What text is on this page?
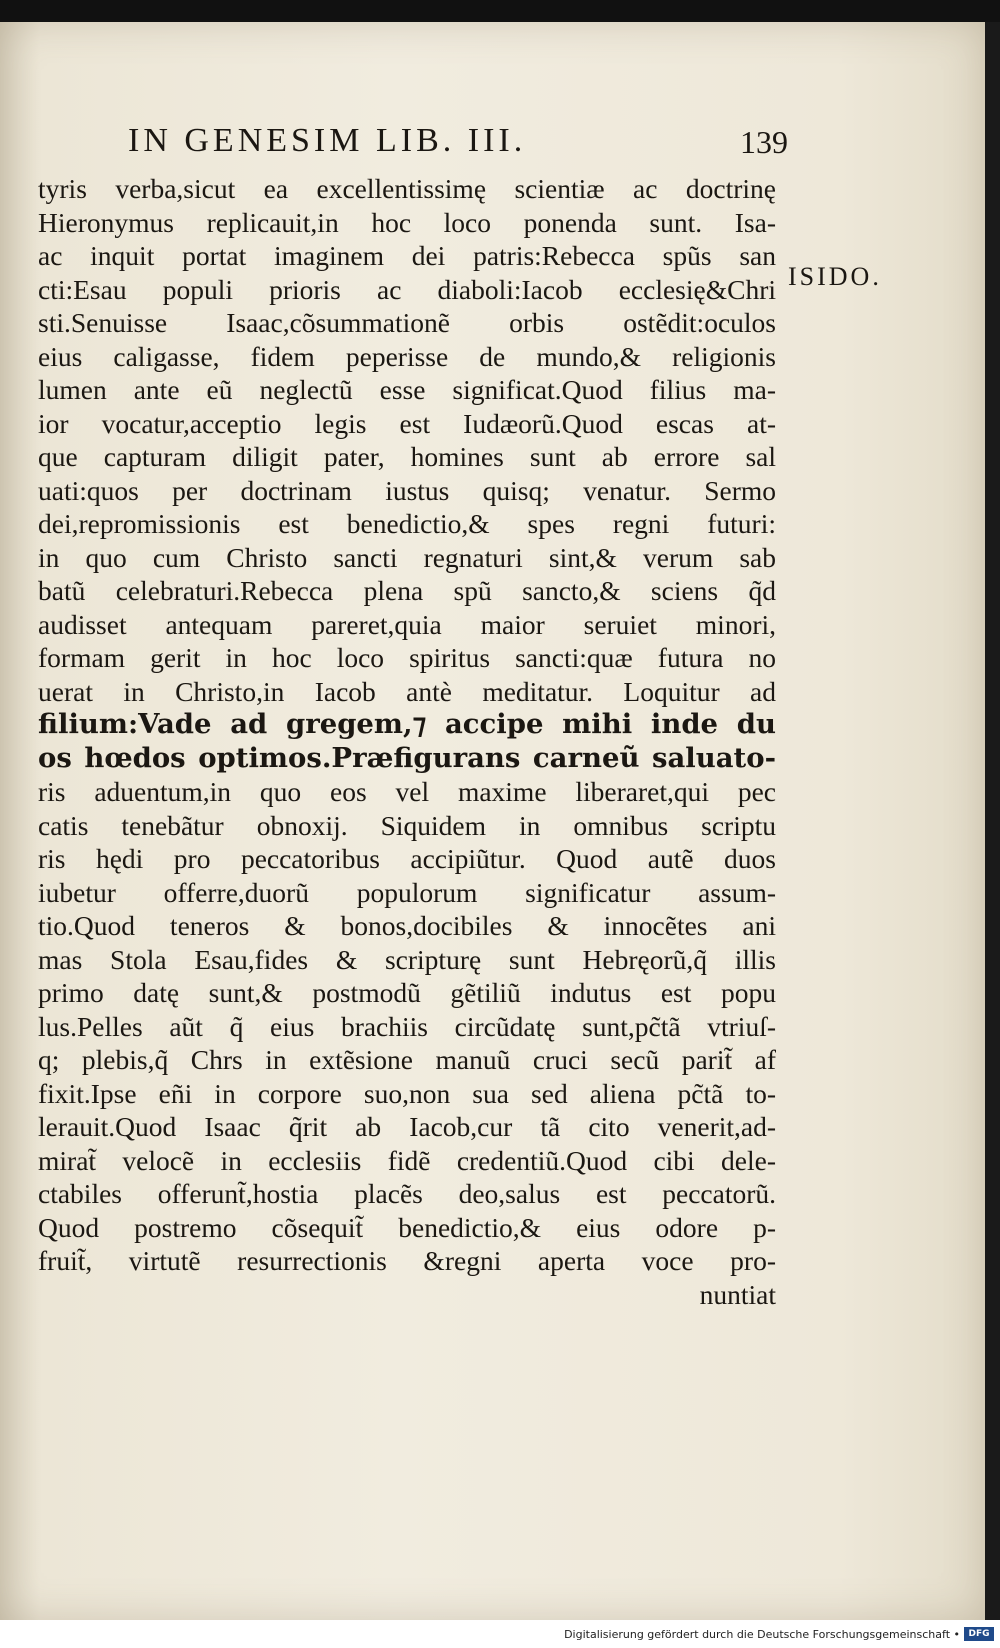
IN GENESIM LIB. III.	139
ISIDO.
tyris verba,sicut ea excellentissimę scientiæ ac doctrinę
Hieronymus replicauit,in hoc loco ponenda sunt. Isa-
ac inquit portat imaginem dei patris:Rebecca spũs san
cti:Esau populi prioris ac diaboli:Iacob ecclesię&Chri
sti.Senuisse Isaac,cõsummationẽ orbis ostẽdit:oculos
eius caligasse, fidem peperisse de mundo,& religionis
lumen ante eũ neglectũ esse significat.Quod filius ma-
ior vocatur,acceptio legis est Iudæorũ.Quod escas at-
que capturam diligit pater, homines sunt ab errore sal
uati:quos per doctrinam iustus quisq; venatur. Sermo
dei,repromissionis est benedictio,& spes regni futuri:
in quo cum Christo sancti regnaturi sint,& verum sab
batũ celebraturi.Rebecca plena spũ sancto,& sciens q̃d
audisset antequam pareret,quia maior seruiet minori,
formam gerit in hoc loco spiritus sancti:quæ futura no
uerat in Christo,in Iacob antè meditatur. Loquitur ad
filium:Vade ad gregem,⁊ accipe mihi inde du
os hœdos optimos.Præfigurans carneũ saluato-
ris aduentum,in quo eos vel maxime liberaret,qui pec
catis tenebãtur obnoxij. Siquidem in omnibus scriptu
ris hędi pro peccatoribus accipiũtur. Quod autẽ duos
iubetur offerre,duorũ populorum significatur assum-
tio.Quod teneros & bonos,docibiles & innocẽtes ani
mas Stola Esau,fides & scripturę sunt Hebręorũ,q̃ illis
primo datę sunt,& postmodũ gẽtiliũ indutus est popu
lus.Pelles aũt q̃ eius brachiis circũdatę sunt,pc̃tã vtriuſ-
q; plebis,q̃ Chrs in extẽsione manuũ cruci secũ parit̃ af
fixit.Ipse eñi in corpore suo,non sua sed aliena pc̃tã to-
lerauit.Quod Isaac q̃rit ab Iacob,cur tã cito venerit,ad-
mirat̃ velocẽ in ecclesiis fidẽ credentiũ.Quod cibi dele-
ctabiles offerunt̃,hostia placẽs deo,salus est peccatorũ.
Quod postremo cõsequit̃ benedictio,& eius odore p-
fruit̃, virtutẽ resurrectionis &regni aperta voce pro-
nuntiat
Digitalisierung gefördert durch die Deutsche Forschungsgemeinschaft • DFG
